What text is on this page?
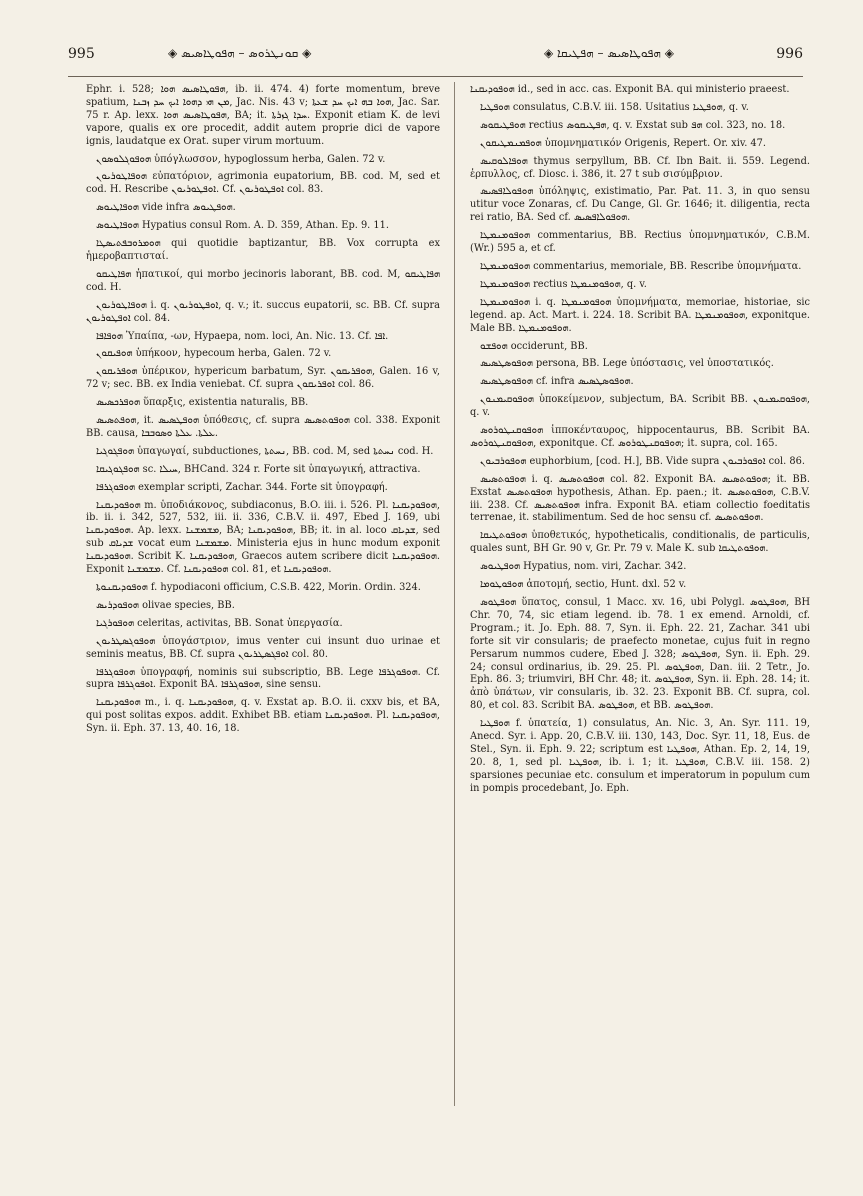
995	◈ ܩܘܢܛܪܘܣ – ܗܦܘܛܐܣܝܣ ◈	◈ ܗܦܘܛܐܣܝܣ – ܗܦܛܝܩܐ ◈	996

Ephr. i. 528; ܗܦܘܛܐܣܝܣ ܗܘܐ, ib. ii. 474. 4) forte momentum, breve spatium, ܡܢ ܗܝ ܕܗܘܐ ܐܝܟ ܚܕ ܙܒܢܐ, Jac. Nis. 43 v; ܗܘܐ ܒܗ ܐܝܟ ܚܕ ܫܥܬܐ, Jac. Sar. 75 r. Ap. lexx. ܗܦܘܛܐܣܝܣ ܗܘܐ, BA; it. ܚܕܐ ܓܙܪܬܐ. Exponit etiam K. de levi vapore, qualis ex ore procedit, addit autem proprie dici de vapore ignis, laudatque ex Orat. super virum mortuum.

ܗܘܦܘܓܠܘܣܘܢ ὑπόγλωσσον, hypoglossum herba, Galen. 72 v.

ܗܘܦܐܛܘܪܝܘܢ εὐπατόριον, agrimonia eupatorium, BB. cod. M, sed et cod. H. Rescribe ܐܘܦܛܘܪܝܘܢ. Cf. ܐܘܦܛܘܪܝܘܢ col. 83.

ܗܘܦܐܛܝܘܣ vide infra ܗܘܦܛܝܘܣ.

ܗܘܦܐܛܝܘܣ Hypatius consul Rom. A. D. 359, Athan. Ep. 9. 11.

ܗܘܡܪܘܒܦܬܝܣܛܐ qui quotidie baptizantur, BB. Vox corrupta ex ἡμεροβαπτισταί.

ܗܦܐܛܝܩܘ ἡπατικοί, qui morbo jecinoris laborant, BB. cod. M, ܗܦܐܛܝܩܘ cod. H.

ܗܘܦܐܛܘܪܝܘܢ i. q. ܐܘܦܛܘܪܝܘܢ, q. v.; it. succus eupatorii, sc. BB. Cf. supra ܐܘܦܛܘܪܝܘܢ col. 84.

ܗܘܦܐܦܐ Ὑπαίπα, -ων, Hypaepa, nom. loci, An. Nic. 13. Cf. ܐܦܐ.

ܗܘܦܝܩܘܢ ὑπήκοον, hypecoum herba, Galen. 72 v.

ܗܘܦܪܝܩܘܢ ὑπέρικον, hypericum barbatum, Syr. ܗܘܦܪܝܩܘܢ, Galen. 16 v, 72 v; sec. BB. ex India veniebat. Cf. supra ܐܘܦܪܝܩܘܢ col. 86.

ܗܘܦܪܟܣܝܣ ὕπαρξις, existentia naturalis, BB.

ܗܘܦܬܣܝܣ, it. ܗܘܦܛܣܝܣ ὑπόθεσις, cf. supra ܗܘܦܘܬܣܝܣ col. 338. Exponit BB. causa, ܥܠܬܐ. ܥܠܬܐ ܘܣܘܒܒܐ.

ܗܘܦܓܘܓܝܐ ὑπαγωγαί, subductiones, ܢܚܬܬܐ, BB. cod. M, sed ܢܚܬܬܐ cod. H.

ܗܘܦܓܘܓܝܩܐ sc. ܚܝܠܐ, BHCand. 324 r. Forte sit ὑπαγωγική, attractiva.

ܗܘܦܘܓܪܦܐ exemplar scripti, Zachar. 344. Forte sit ὑπογραφή.

ܗܘܦܘܕܝܩܢܐ m. ὑποδιάκονος, subdiaconus, B.O. iii. i. 526. Pl. ܗܘܦܘܕܝܩܢܐ, ib. ii. i. 342, 527, 532, iii. ii. 336, C.B.V. ii. 497, Ebed J. 169, ubi ܗܘܦܘܕܝܩܢܐ. Ap. lexx. ܡܫܡܫܢܐ, BA; ܗܘܦܘܕܝܩܢܐ, BB; it. in al. loco ܫܕܝܐܩ, sed sub ܫܕܝܐܩ vocat eum ܡܫܡܫܢܐ. Ministeria ejus in hunc modum exponit ܗܘܦܘܕܝܩܢܐ. Scribit K. ܗܘܦܘܕܝܩܢܐ, Graecos autem scribere dicit ܗܘܦܘܕܝܩܢܐ. Exponit ܡܫܡܫܢܐ. Cf. ܗܘܦܘܕܝܩܢܐ col. 81, et ܗܘܦܘܕܝܩܢܐ.

ܗܘܦܘܕܝܩܢܘܬܐ f. hypodiaconi officium, C.S.B. 422, Morin. Ordin. 324.

ܗܘܦܘܕܪܝܣ olivae species, BB.

ܗܘܦܘܪܓܝܐ celeritas, activitas, BB. Sonat ὑπεργασία.

ܗܘܦܘܓܣܛܪܝܘܢ ὑπογάστριον, imus venter cui insunt duo urinae et seminis meatus, BB. Cf. supra ܐܘܦܓܣܛܪܝܘܢ col. 80.

ܗܘܦܘܓܪܦܐ ὑπογραφή, nominis sui subscriptio, BB. Lege ܗܘܦܘܓܪܦܐ. Cf. supra ܐܘܦܘܓܪܦܐ. Exponit BA. ܗܘܦܘܓܪܦܐ, sine sensu.

ܗܘܦܘܕܝܩܢܐ m., i. q. ܗܘܦܘܕܝܩܢܐ, q. v. Exstat ap. B.O. ii. cxxv bis, et BA, qui post solitas expos. addit. Exhibet BB. etiam ܗܘܦܘܕܝܩܢܐ. Pl. ܗܘܦܘܕܝܩܢܐ, Syn. ii. Eph. 37. 13, 40. 16, 18.

ܗܘܦܘܕܝܩܢܐ id., sed in acc. cas. Exponit BA. qui ministerio praeest.

ܗܘܦܛܝܐ consulatus, C.B.V. iii. 158. Usitatius ܗܘܦܛܝܐ, q. v.

ܗܘܦܛܝܩܘܣ rectius ܗܦܛܝܩܘܣ, q. v. Exstat sub ܗܦ col. 323, no. 18.

ܗܘܦܡܢܡܛܝܩܘܢ ὑπομνηματικόν Origenis, Repert. Or. xiv. 47.

ܗܘܦܐܠܘܩܝܣ thymus serpyllum, BB. Cf. Ibn Bait. ii. 559. Legend. ἑρπυλλος, cf. Diosc. i. 386, it. 27 t sub σισύμβριον.

ܗܘܦܘܠܐܦܣܝܣ ὑπόληψις, existimatio, Par. Pat. 11. 3, in quo sensu utitur voce Zonaras, cf. Du Cange, Gl. Gr. 1646; it. diligentia, recta rei ratio, BA. Sed cf. ܗܘܦܘܠܐܦܣܝܣ.

ܗܘܦܘܡܢܡܛܐ commentarius, BB. Rectius ὑπομνηματικόν, C.B.M. (Wr.) 595 a, et cf.

ܗܘܦܘܡܢܡܛܐ commentarius, memoriale, BB. Rescribe ὑπομνήματα.

ܗܘܦܘܡܢܡܛܐ rectius ܗܘܦܘܡܢܡܛܐ, q. v.

ܗܘܦܘܡܢܡܛܐ i. q. ܗܘܦܘܡܢܡܛܐ ὑπομνήματα, memoriae, historiae, sic legend. ap. Act. Mart. i. 224. 18. Scribit BA. ܗܘܦܘܡܢܡܛܐ, exponitque. Male BB. ܗܘܦܘܡܢܡܛܐ.

ܗܘܦܫܘ occiderunt, BB.

ܗܘܦܘܣܛܣܝܣ persona, BB. Lege ὑπόστασις, vel ὑποστατικός.

ܗܘܦܘܣܛܣܝܣ cf. infra ܗܘܦܘܣܛܣܝܣ.

ܗܘܦܘܩܝܡܢܘܢ ὑποκείμενον, subjectum, BA. Scribit BB. ܗܘܦܘܩܝܡܢܘܢ, q. v.

ܗܘܦܘܩܢܛܘܪܘܣ ἱπποκένταυρος, hippocentaurus, BB. Scribit BA. ܗܘܦܘܩܢܛܘܪܘܣ, exponitque. Cf. ܗܘܦܘܩܢܛܘܪܘܣ; it. supra, col. 165.

ܗܘܦܘܪܒܝܘܢ euphorbium, [cod. H.], BB. Vide supra ܐܘܦܘܪܒܝܘܢ col. 86.

ܗܘܦܘܬܣܝܣ i. q. ܗܘܦܘܬܣܝܣ col. 82. Exponit BA. ܗܘܦܘܬܣܝܣ; it. BB. Exstat ܗܘܦܘܬܣܝܣ hypothesis, Athan. Ep. paen.; it. ܗܘܦܘܬܣܝܣ, C.B.V. iii. 238. Cf. ܗܘܦܘܬܣܝܣ infra. Exponit BA. etiam collectio foeditatis terrenae, it. stabilimentum. Sed de hoc sensu cf. ܗܘܦܘܬܣܝܣ.

ܗܘܦܘܬܛܝܩܐ ὑποθετικός, hypotheticalis, conditionalis, de particulis, quales sunt, BH Gr. 90 v, Gr. Pr. 79 v. Male K. sub ܗܘܦܘܬܛܝܩܐ.

ܗܘܦܛܝܘܣ Hypatius, nom. viri, Zachar. 342.

ܗܘܦܘܛܘܡܐ ἀποτομή, sectio, Hunt. dxl. 52 v.

ܗܘܦܛܘܣ ὕπατος, consul, 1 Macc. xv. 16, ubi Polygl. ܗܘܦܛܘܣ, BH Chr. 70, 74, sic etiam legend. ib. 78. 1 ex emend. Arnoldi, cf. Program.; it. Jo. Eph. 88. 7, Syn. ii. Eph. 22. 21, Zachar. 341 ubi forte sit vir consularis; de praefecto monetae, cujus fuit in regno Persarum nummos cudere, Ebed J. 328; ܗܘܦܛܘܣ, Syn. ii. Eph. 29. 24; consul ordinarius, ib. 29. 25. Pl. ܗܘܦܛܘܣ, Dan. iii. 2 Tetr., Jo. Eph. 86. 3; triumviri, BH Chr. 48; it. ܗܘܦܛܘܣ, Syn. ii. Eph. 28. 14; it. ἀπὸ ὑπάτων, vir consularis, ib. 32. 23. Exponit BB. Cf. supra, col. 80, et col. 83. Scribit BA. ܗܘܦܛܘܣ, et BB. ܗܘܦܛܘܣ.

ܗܘܦܛܝܐ f. ὑπατεία, 1) consulatus, An. Nic. 3, An. Syr. 111. 19, Anecd. Syr. i. App. 20, C.B.V. iii. 130, 143, Doc. Syr. 11, 18, Eus. de Stel., Syn. ii. Eph. 9. 22; scriptum est ܗܘܦܛܝܐ, Athan. Ep. 2, 14, 19, 20. 8, 1, sed pl. ܗܘܦܛܝܐ, ib. i. 1; it. ܗܘܦܛܝܐ, C.B.V. iii. 158. 2) sparsiones pecuniae etc. consulum et imperatorum in populum cum in pompis procedebant, Jo. Eph.
